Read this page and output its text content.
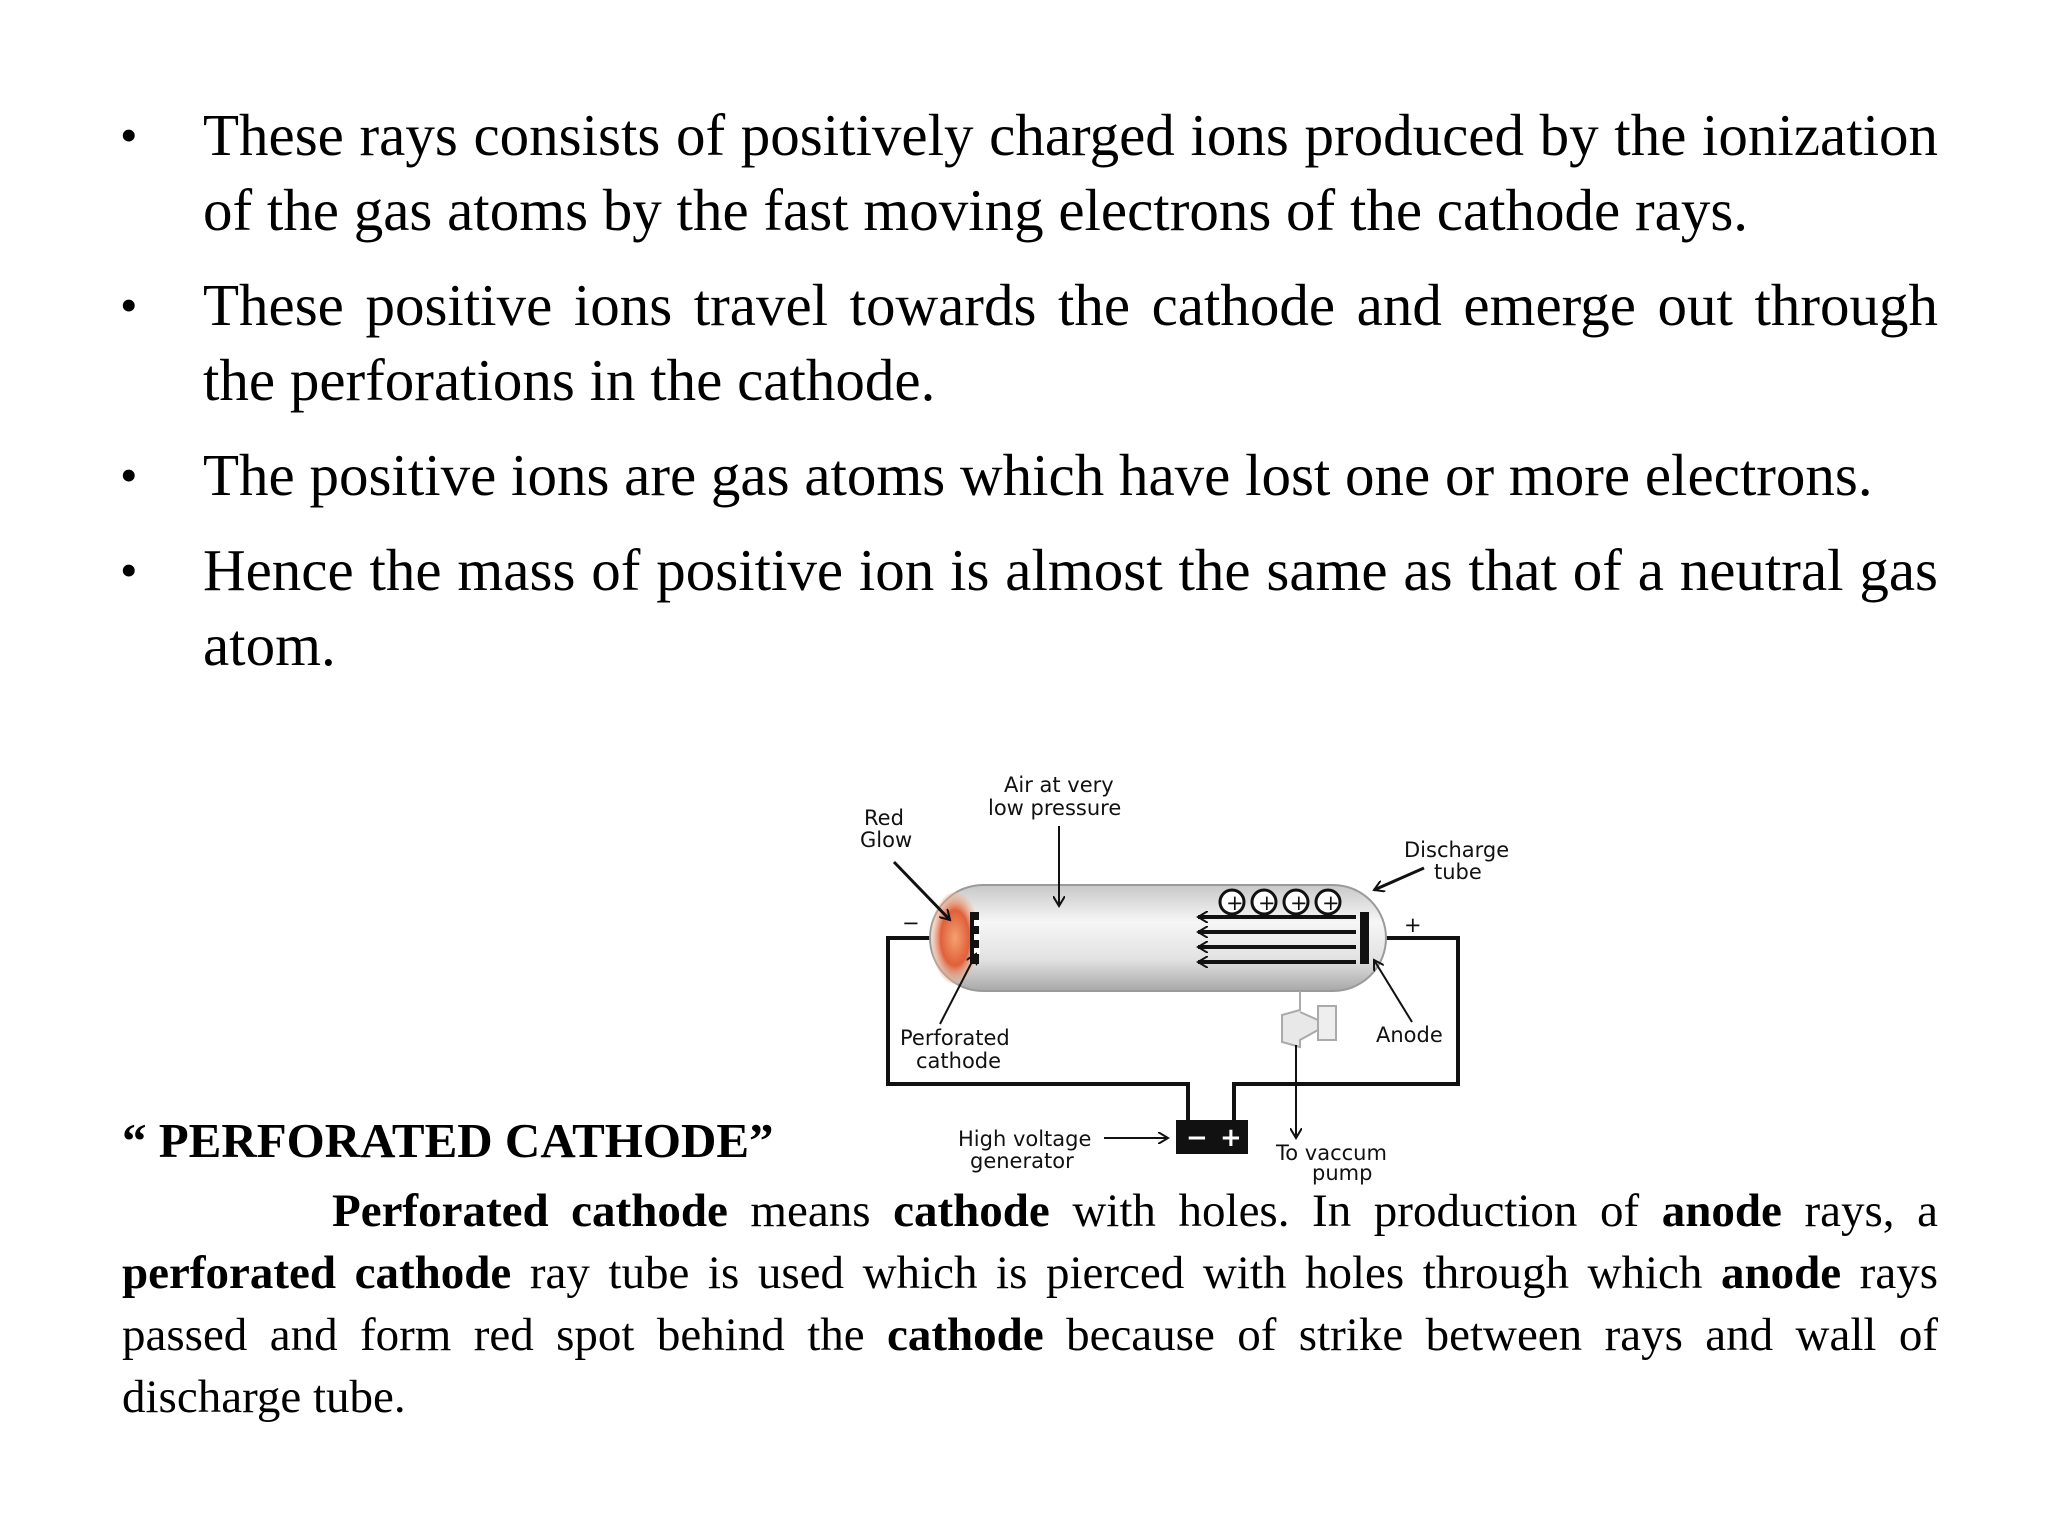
• These rays consists of positively charged ions produced by the ionization of the gas atoms by the fast moving electrons of the cathode rays.
• These positive ions travel towards the cathode and emerge out through the perforations in the cathode.
• The positive ions are gas atoms which have lost one or more electrons.
• Hence the mass of positive ion is almost the same as that of a neutral gas atom.
+ + + +
−	+
− +
Red
Glow
Air at very
low pressure
Discharge
tube
Perforated
cathode
Anode
High voltage
generator	To vaccum
pump
“ PERFORATED CATHODE”

Perforated cathode means cathode with holes. In production of anode rays, a perforated cathode ray tube is used which is pierced with holes through which anode rays passed and form red spot behind the cathode because of strike between rays and wall of discharge tube.
